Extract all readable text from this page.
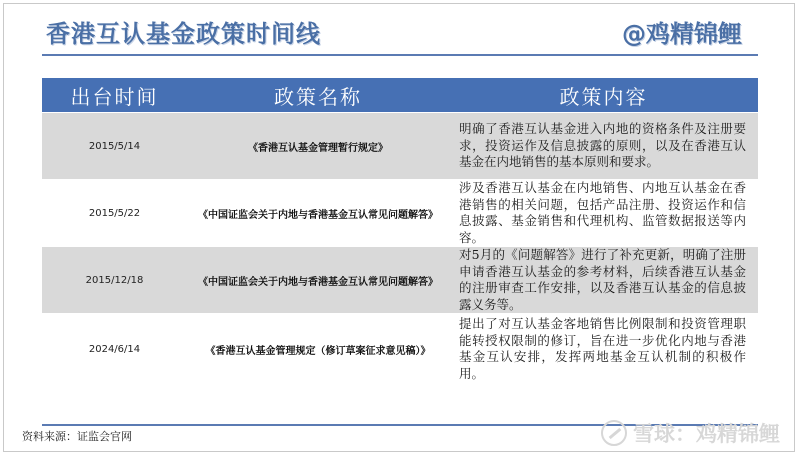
香港互认基金政策时间线	@鸡精锦鲤
出台时间	政策名称	政策内容
2015/5/14	《香港互认基金管理暂行规定》	明确了香港互认基金进入内地的资格条件及注册要求，投资运作及信息披露的原则，以及在香港互认基金在内地销售的基本原则和要求。
2015/5/22	《中国证监会关于内地与香港基金互认常见问题解答》	涉及香港互认基金在内地销售、内地互认基金在香港销售的相关问题，包括产品注册、投资运作和信息披露、基金销售和代理机构、监管数据报送等内容。
2015/12/18	《中国证监会关于内地与香港基金互认常见问题解答》	对5月的《问题解答》进行了补充更新，明确了注册申请香港互认基金的参考材料，后续香港互认基金的注册审查工作安排，以及香港互认基金的信息披露义务等。
2024/6/14	《香港互认基金管理规定（修订草案征求意见稿）》	提出了对互认基金客地销售比例限制和投资管理职能转授权限制的修订，旨在进一步优化内地与香港基金互认安排，发挥两地基金互认机制的积极作用。
资料来源：证监会官网	雪球：鸡精锦鲤
